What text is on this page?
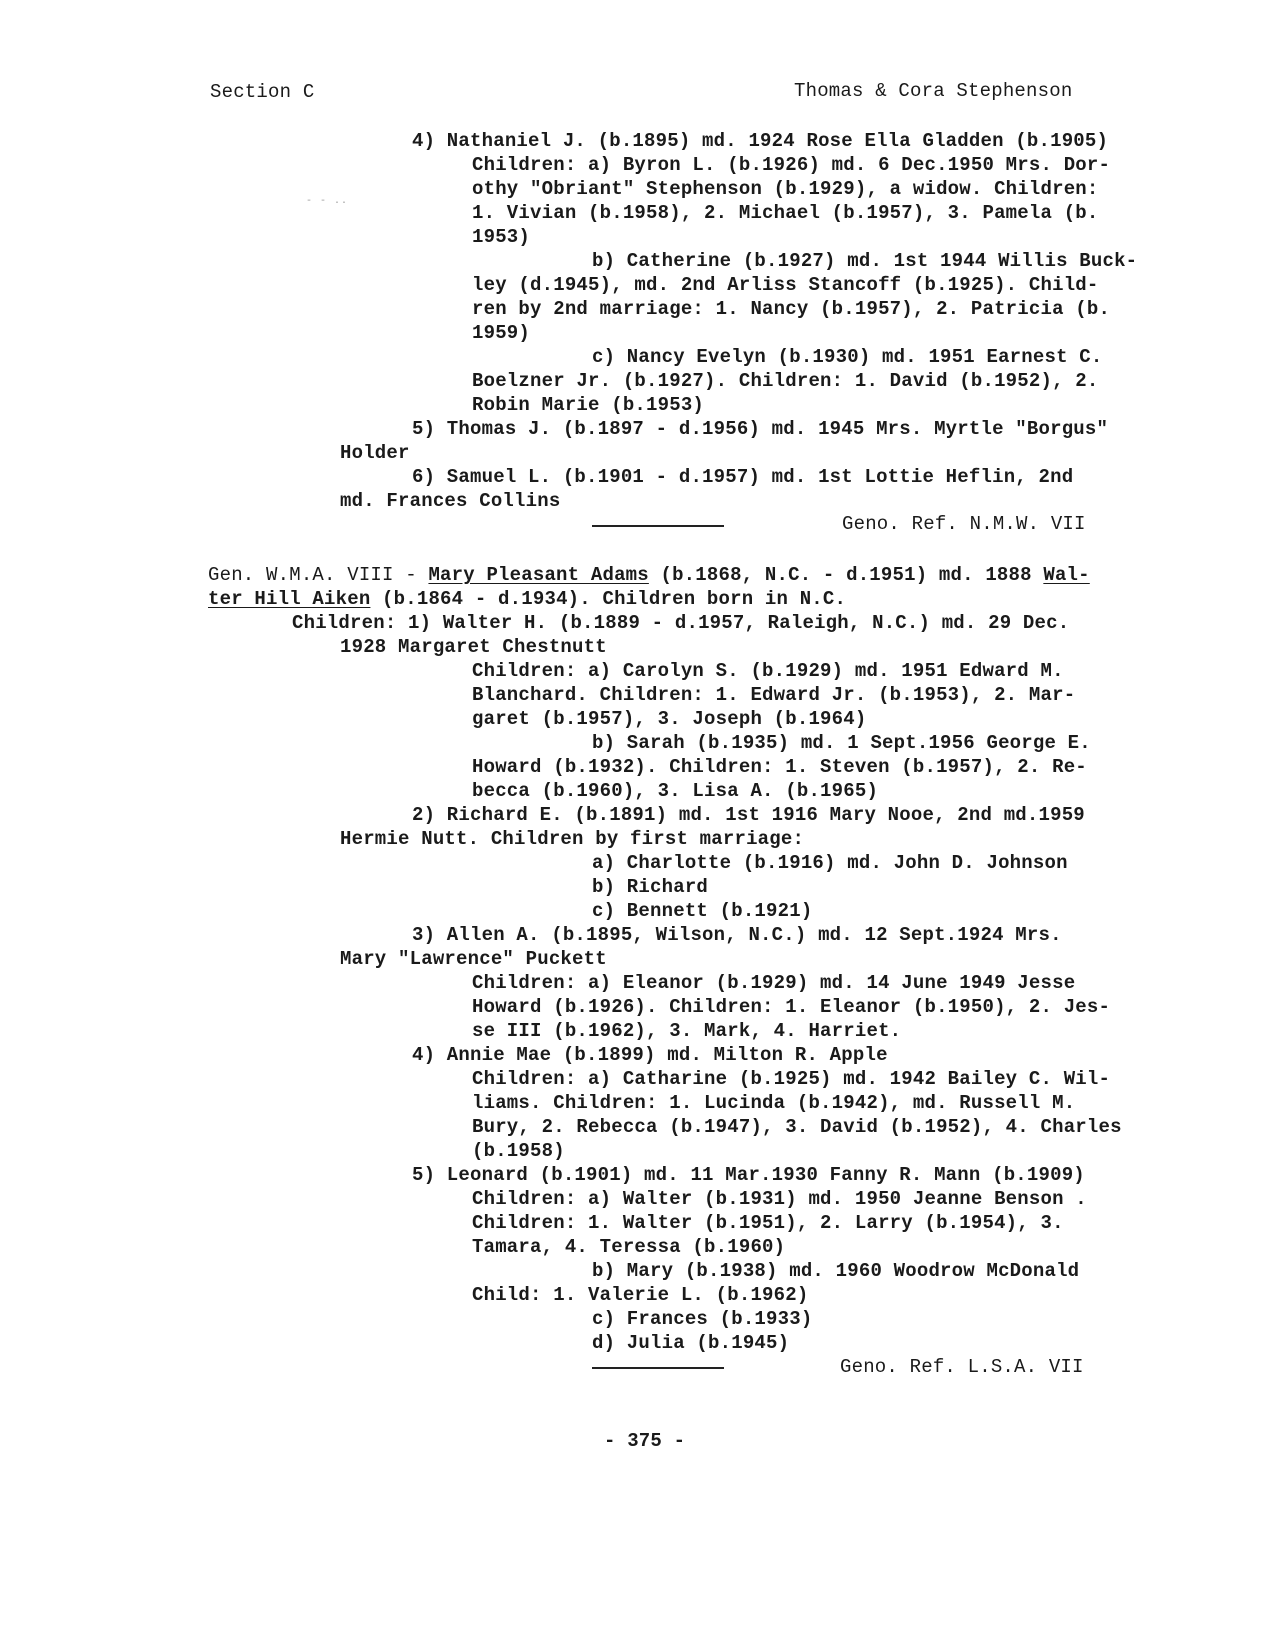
Section C	Thomas & Cora Stephenson
- - ..
4) Nathaniel J. (b.1895) md. 1924 Rose Ella Gladden (b.1905)
Children: a) Byron L. (b.1926) md. 6 Dec.1950 Mrs. Dor-
othy "Obriant" Stephenson (b.1929), a widow. Children:
1. Vivian (b.1958), 2. Michael (b.1957), 3. Pamela (b.
1953)
b) Catherine (b.1927) md. 1st 1944 Willis Buck-
ley (d.1945), md. 2nd Arliss Stancoff (b.1925). Child-
ren by 2nd marriage: 1. Nancy (b.1957), 2. Patricia (b.
1959)
c) Nancy Evelyn (b.1930) md. 1951 Earnest C.
Boelzner Jr. (b.1927). Children: 1. David (b.1952), 2.
Robin Marie (b.1953)
5) Thomas J. (b.1897 - d.1956) md. 1945 Mrs. Myrtle "Borgus"
Holder
6) Samuel L. (b.1901 - d.1957) md. 1st Lottie Heflin, 2nd
md. Frances Collins
Geno. Ref. N.M.W. VII
Gen. W.M.A. VIII - Mary Pleasant Adams (b.1868, N.C. - d.1951) md. 1888 Wal-
ter Hill Aiken (b.1864 - d.1934). Children born in N.C.
Children: 1) Walter H. (b.1889 - d.1957, Raleigh, N.C.) md. 29 Dec.
1928 Margaret Chestnutt
Children: a) Carolyn S. (b.1929) md. 1951 Edward M.
Blanchard. Children: 1. Edward Jr. (b.1953), 2. Mar-
garet (b.1957), 3. Joseph (b.1964)
b) Sarah (b.1935) md. 1 Sept.1956 George E.
Howard (b.1932). Children: 1. Steven (b.1957), 2. Re-
becca (b.1960), 3. Lisa A. (b.1965)
2) Richard E. (b.1891) md. 1st 1916 Mary Nooe, 2nd md.1959
Hermie Nutt. Children by first marriage:
a) Charlotte (b.1916) md. John D. Johnson
b) Richard
c) Bennett (b.1921)
3) Allen A. (b.1895, Wilson, N.C.) md. 12 Sept.1924 Mrs.
Mary "Lawrence" Puckett
Children: a) Eleanor (b.1929) md. 14 June 1949 Jesse
Howard (b.1926). Children: 1. Eleanor (b.1950), 2. Jes-
se III (b.1962), 3. Mark, 4. Harriet.
4) Annie Mae (b.1899) md. Milton R. Apple
Children: a) Catharine (b.1925) md. 1942 Bailey C. Wil-
liams. Children: 1. Lucinda (b.1942), md. Russell M.
Bury, 2. Rebecca (b.1947), 3. David (b.1952), 4. Charles
(b.1958)
5) Leonard (b.1901) md. 11 Mar.1930 Fanny R. Mann (b.1909)
Children: a) Walter (b.1931) md. 1950 Jeanne Benson .
Children: 1. Walter (b.1951), 2. Larry (b.1954), 3.
Tamara, 4. Teressa (b.1960)
b) Mary (b.1938) md. 1960 Woodrow McDonald
Child: 1. Valerie L. (b.1962)
c) Frances (b.1933)
d) Julia (b.1945)
Geno. Ref. L.S.A. VII
- 375 -
